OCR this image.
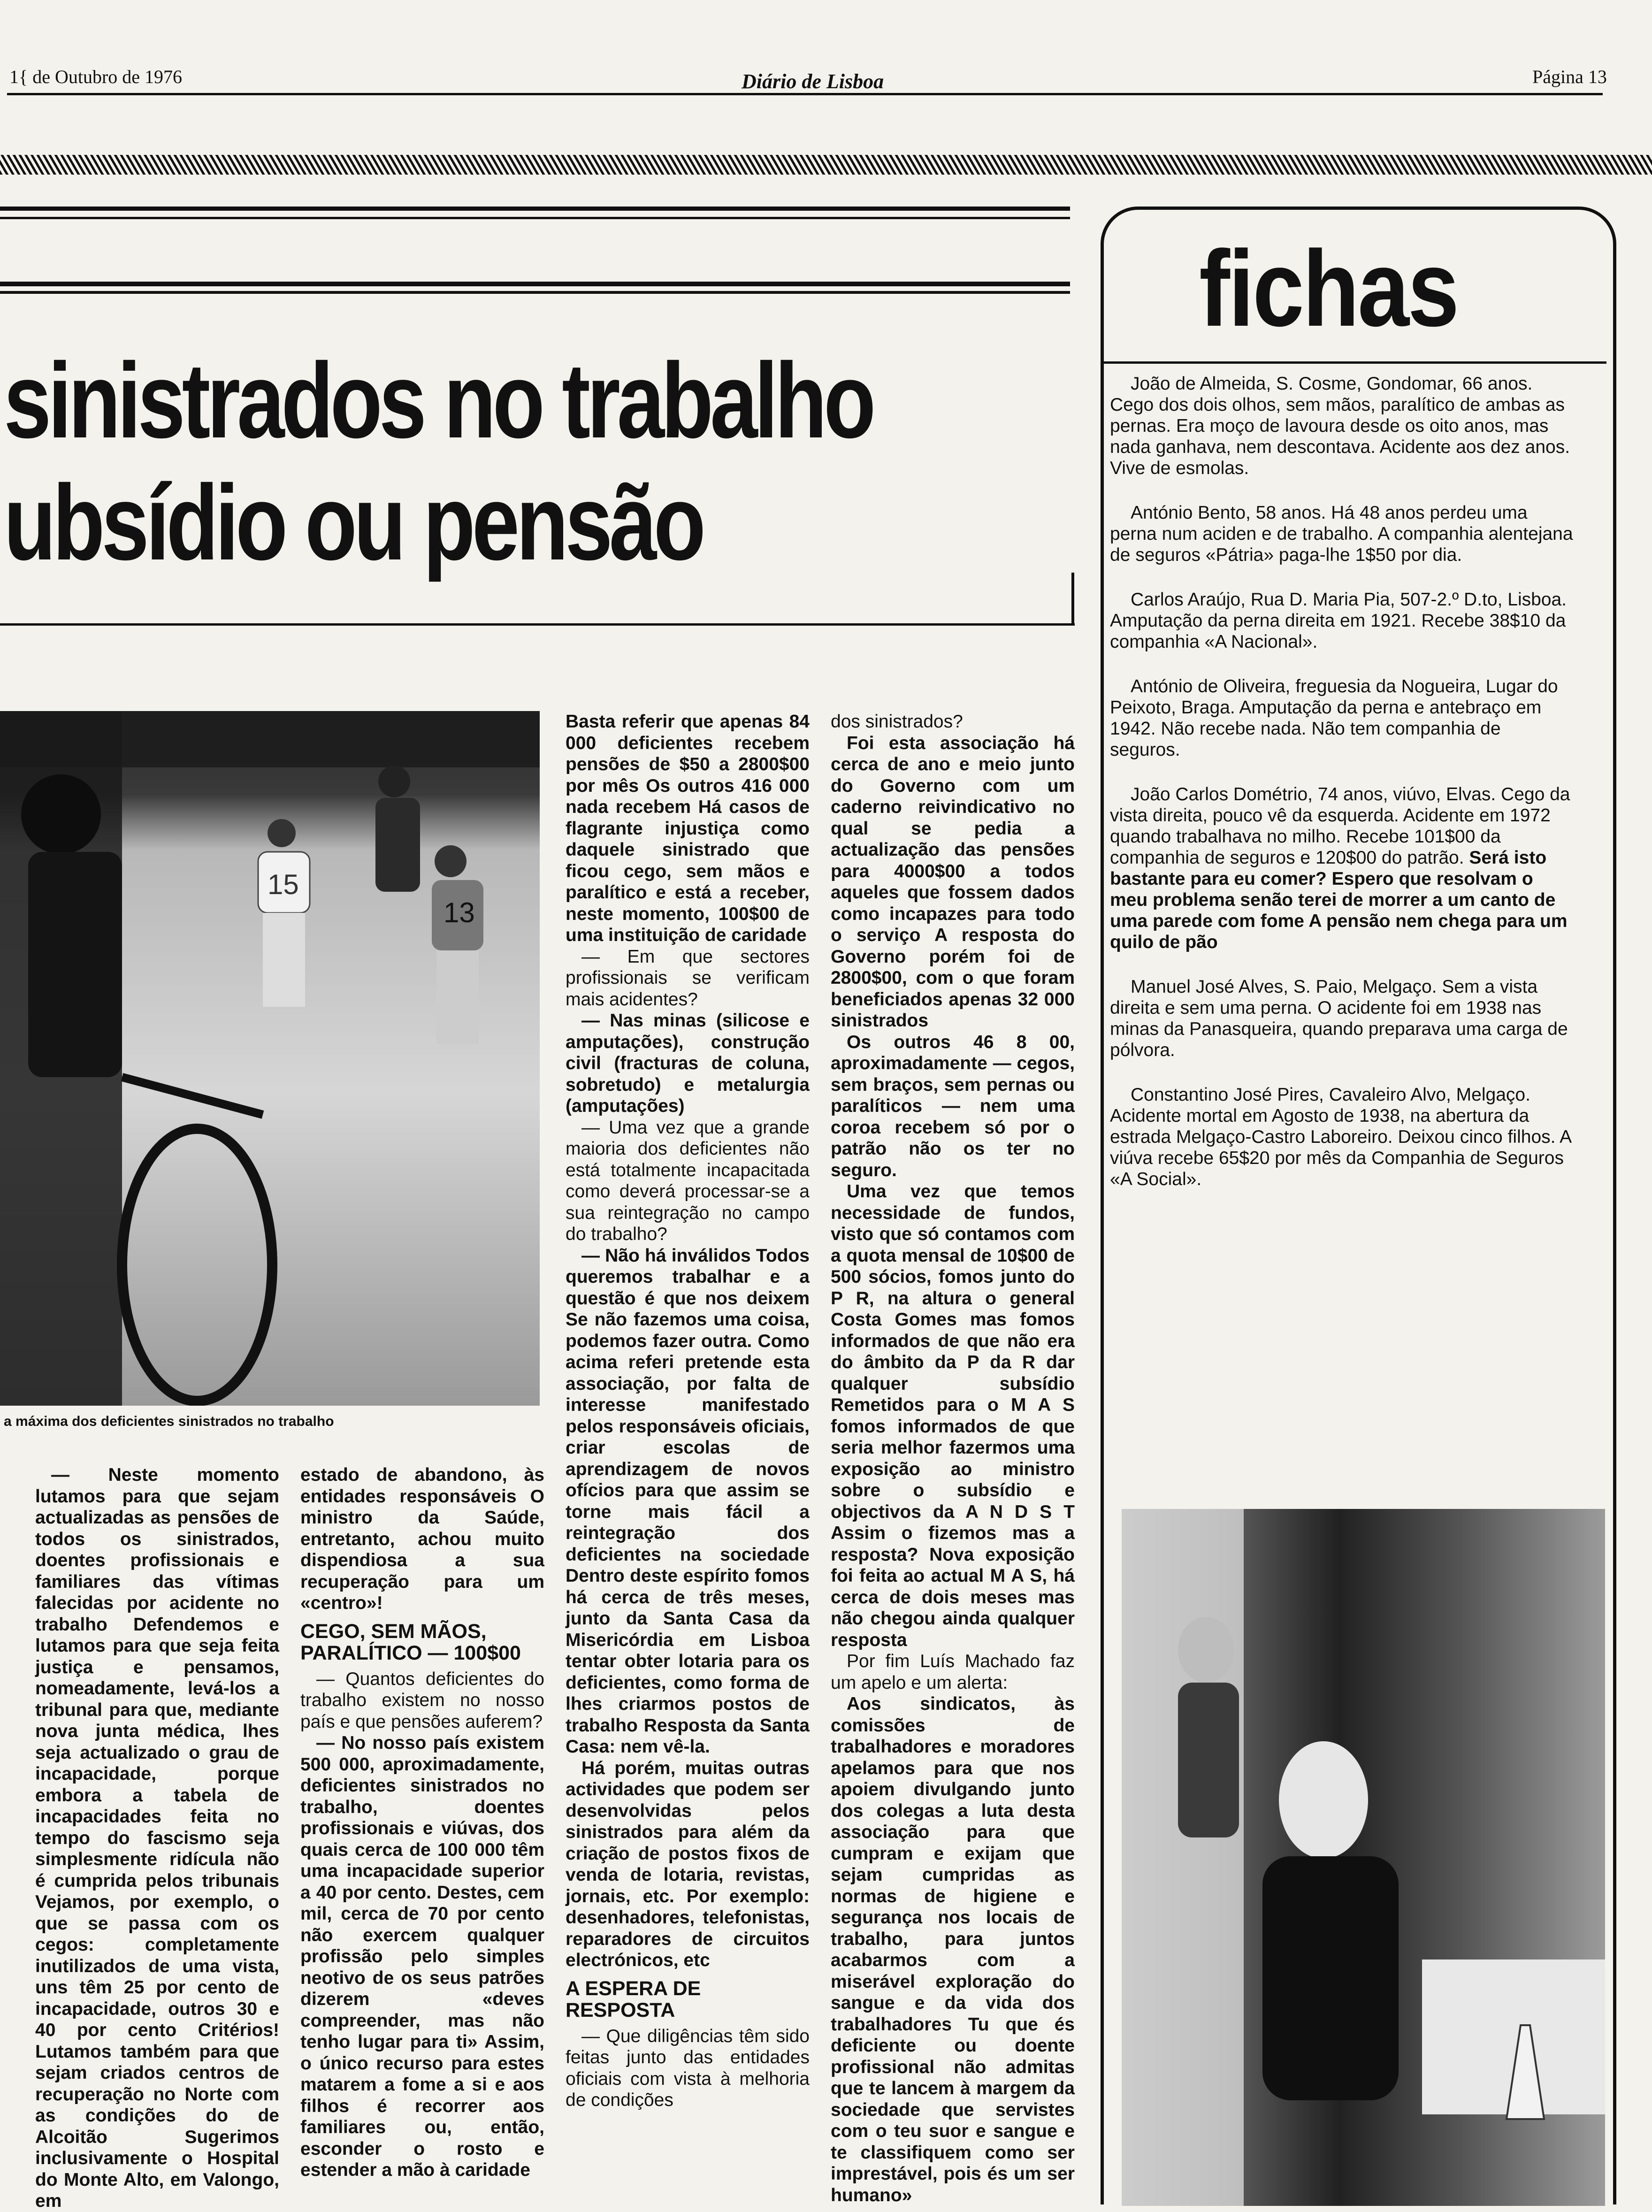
1{ de Outubro de 1976	Diário de Lisboa	Página 13
sinistrados no trabalho
ubsídio ou pensão
15
13
a máxima dos deficientes sinistrados no trabalho

— Neste momento lutamos para que sejam actualizadas as pensões de todos os sinistrados, doentes profissionais e familiares das vítimas falecidas por acidente no trabalho Defendemos e lutamos para que seja feita justiça e pensamos, nomeadamente, levá-los a tribunal para que, mediante nova junta médica, lhes seja actualizado o grau de incapacidade, porque embora a tabela de incapacidades feita no tempo do fascismo seja simplesmente ridícula não é cumprida pelos tribunais Vejamos, por exemplo, o que se passa com os cegos: completamente inutilizados de uma vista, uns têm 25 por cento de incapacidade, outros 30 e 40 por cento Critérios! Lutamos também para que sejam criados centros de recuperação no Norte com as condições do de Alcoitão Sugerimos inclusivamente o Hospital do Monte Alto, em Valongo, em

estado de abandono, às entidades responsáveis O ministro da Saúde, entretanto, achou muito dispendiosa a sua recuperação para um «centro»!

CEGO, SEM MÃOS, PARALÍTICO — 100$00

— Quantos deficientes do trabalho existem no nosso país e que pensões auferem?

— No nosso país existem 500 000, aproximadamente, deficientes sinistrados no trabalho, doentes profissionais e viúvas, dos quais cerca de 100 000 têm uma incapacidade superior a 40 por cento. Destes, cem mil, cerca de 70 por cento não exercem qualquer profissão pelo simples neotivo de os seus patrões dizerem «deves compreender, mas não tenho lugar para ti» Assim, o único recurso para estes matarem a fome a si e aos filhos é recorrer aos familiares ou, então, esconder o rosto e estender a mão à caridade

Basta referir que apenas 84 000 deficientes recebem pensões de $50 a 2800$00 por mês Os outros 416 000 nada recebem Há casos de flagrante injustiça como daquele sinistrado que ficou cego, sem mãos e paralítico e está a receber, neste momento, 100$00 de uma instituição de caridade

— Em que sectores profissionais se verificam mais acidentes?

— Nas minas (silicose e amputações), construção civil (fracturas de coluna, sobretudo) e metalurgia (amputações)

— Uma vez que a grande maioria dos deficientes não está totalmente incapacitada como deverá processar-se a sua reintegração no campo do trabalho?

— Não há inválidos Todos queremos trabalhar e a questão é que nos deixem Se não fazemos uma coisa, podemos fazer outra. Como acima referi pretende esta associação, por falta de interesse manifestado pelos responsáveis oficiais, criar escolas de aprendizagem de novos ofícios para que assim se torne mais fácil a reintegração dos deficientes na sociedade Dentro deste espírito fomos há cerca de três meses, junto da Santa Casa da Misericórdia em Lisboa tentar obter lotaria para os deficientes, como forma de lhes criarmos postos de trabalho Resposta da Santa Casa: nem vê-la.

Há porém, muitas outras actividades que podem ser desenvolvidas pelos sinistrados para além da criação de postos fixos de venda de lotaria, revistas, jornais, etc. Por exemplo: desenhadores, telefonistas, reparadores de circuitos electrónicos, etc

A ESPERA DE RESPOSTA

— Que diligências têm sido feitas junto das entidades oficiais com vista à melhoria de condições

dos sinistrados?

Foi esta associação há cerca de ano e meio junto do Governo com um caderno reivindicativo no qual se pedia a actualização das pensões para 4000$00 a todos aqueles que fossem dados como incapazes para todo o serviço A resposta do Governo porém foi de 2800$00, com o que foram beneficiados apenas 32 000 sinistrados

Os outros 46 8 00, aproximadamente — cegos, sem braços, sem pernas ou paralíticos — nem uma coroa recebem só por o patrão não os ter no seguro.

Uma vez que temos necessidade de fundos, visto que só contamos com a quota mensal de 10$00 de 500 sócios, fomos junto do P R, na altura o general Costa Gomes mas fomos informados de que não era do âmbito da P da R dar qualquer subsídio Remetidos para o M A S fomos informados de que seria melhor fazermos uma exposição ao ministro sobre o subsídio e objectivos da A N D S T Assim o fizemos mas a resposta? Nova exposição foi feita ao actual M A S, há cerca de dois meses mas não chegou ainda qualquer resposta

Por fim Luís Machado faz um apelo e um alerta:

Aos sindicatos, às comissões de trabalhadores e moradores apelamos para que nos apoiem divulgando junto dos colegas a luta desta associação para que cumpram e exijam que sejam cumpridas as normas de higiene e segurança nos locais de trabalho, para juntos acabarmos com a miserável exploração do sangue e da vida dos trabalhadores Tu que és deficiente ou doente profissional não admitas que te lancem à margem da sociedade que servistes com o teu suor e sangue e te classifiquem como ser imprestável, pois és um ser humano»

fichas

João de Almeida, S. Cosme, Gondomar, 66 anos. Cego dos dois olhos, sem mãos, paralítico de ambas as pernas. Era moço de lavoura desde os oito anos, mas nada ganhava, nem descontava. Acidente aos dez anos. Vive de esmolas.

António Bento, 58 anos. Há 48 anos perdeu uma perna num aciden e de trabalho. A companhia alentejana de seguros «Pátria» paga-lhe 1$50 por dia.

Carlos Araújo, Rua D. Maria Pia, 507-2.º D.to, Lisboa. Amputação da perna direita em 1921. Recebe 38$10 da companhia «A Nacional».

António de Oliveira, freguesia da Nogueira, Lugar do Peixoto, Braga. Amputação da perna e antebraço em 1942. Não recebe nada. Não tem companhia de seguros.

João Carlos Dométrio, 74 anos, viúvo, Elvas. Cego da vista direita, pouco vê da esquerda. Acidente em 1972 quando trabalhava no milho. Recebe 101$00 da companhia de seguros e 120$00 do patrão. Será isto bastante para eu comer? Espero que resolvam o meu problema senão terei de morrer a um canto de uma parede com fome A pensão nem chega para um quilo de pão

Manuel José Alves, S. Paio, Melgaço. Sem a vista direita e sem uma perna. O acidente foi em 1938 nas minas da Panasqueira, quando preparava uma carga de pólvora.

Constantino José Pires, Cavaleiro Alvo, Melgaço. Acidente mortal em Agosto de 1938, na abertura da estrada Melgaço-Castro Laboreiro. Deixou cinco filhos. A viúva recebe 65$20 por mês da Companhia de Seguros «A Social».
